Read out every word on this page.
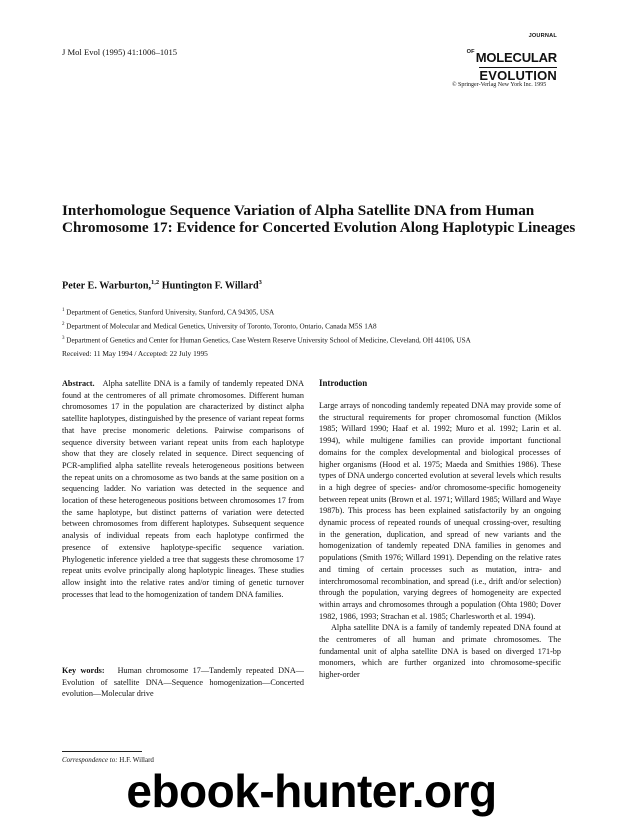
J Mol Evol (1995) 41:1006–1015
$^{JOURNAL OF}$MOLECULAR
EVOLUTION
© Springer-Verlag New York Inc. 1995
Interhomologue Sequence Variation of Alpha Satellite DNA from Human Chromosome 17: Evidence for Concerted Evolution Along Haplotypic Lineages
Peter E. Warburton,$^{1,2}$ Huntington F. Willard$^3$
$^1$ Department of Genetics, Stanford University, Stanford, CA 94305, USA
$^2$ Department of Molecular and Medical Genetics, University of Toronto, Toronto, Ontario, Canada M5S 1A8
$^3$ Department of Genetics and Center for Human Genetics, Case Western Reserve University School of Medicine, Cleveland, OH 44106, USA
Received: 11 May 1994 / Accepted: 22 July 1995
Abstract. Alpha satellite DNA is a family of tandemly repeated DNA found at the centromeres of all primate chromosomes. Different human chromosomes 17 in the population are characterized by distinct alpha satellite haplotypes, distinguished by the presence of variant repeat forms that have precise monomeric deletions. Pairwise comparisons of sequence diversity between variant repeat units from each haplotype show that they are closely related in sequence. Direct sequencing of PCR-amplified alpha satellite reveals heterogeneous positions between the repeat units on a chromosome as two bands at the same position on a sequencing ladder. No variation was detected in the sequence and location of these heterogeneous positions between chromosomes 17 from the same haplotype, but distinct patterns of variation were detected between chromosomes from different haplotypes. Subsequent sequence analysis of individual repeats from each haplotype confirmed the presence of extensive haplotype-specific sequence variation. Phylogenetic inference yielded a tree that suggests these chromosome 17 repeat units evolve principally along haplotypic lineages. These studies allow insight into the relative rates and/or timing of genetic turnover processes that lead to the homogenization of tandem DNA families.
Key words: Human chromosome 17—Tandemly repeated DNA—Evolution of satellite DNA—Sequence homogenization—Concerted evolution—Molecular drive
Correspondence to: H.F. Willard
Introduction

Large arrays of noncoding tandemly repeated DNA may provide some of the structural requirements for proper chromosomal function (Miklos 1985; Willard 1990; Haaf et al. 1992; Muro et al. 1992; Larin et al. 1994), while multigene families can provide important functional domains for the complex developmental and biological processes of higher organisms (Hood et al. 1975; Maeda and Smithies 1986). These types of DNA undergo concerted evolution at several levels which results in a high degree of species- and/or chromosome-specific homogeneity between repeat units (Brown et al. 1971; Willard 1985; Willard and Waye 1987b). This process has been explained satisfactorily by an ongoing dynamic process of repeated rounds of unequal crossing-over, resulting in the generation, duplication, and spread of new variants and the homogenization of tandemly repeated DNA families in genomes and populations (Smith 1976; Willard 1991). Depending on the relative rates and timing of certain processes such as mutation, intra- and interchromosomal recombination, and spread (i.e., drift and/or selection) through the population, varying degrees of homogeneity are expected within arrays and chromosomes through a population (Ohta 1980; Dover 1982, 1986, 1993; Strachan et al. 1985; Charlesworth et al. 1994).

Alpha satellite DNA is a family of tandemly repeated DNA found at the centromeres of all human and primate chromosomes. The fundamental unit of alpha satellite DNA is based on diverged 171-bp monomers, which are further organized into chromosome-specific higher-order

ebook-hunter.org
